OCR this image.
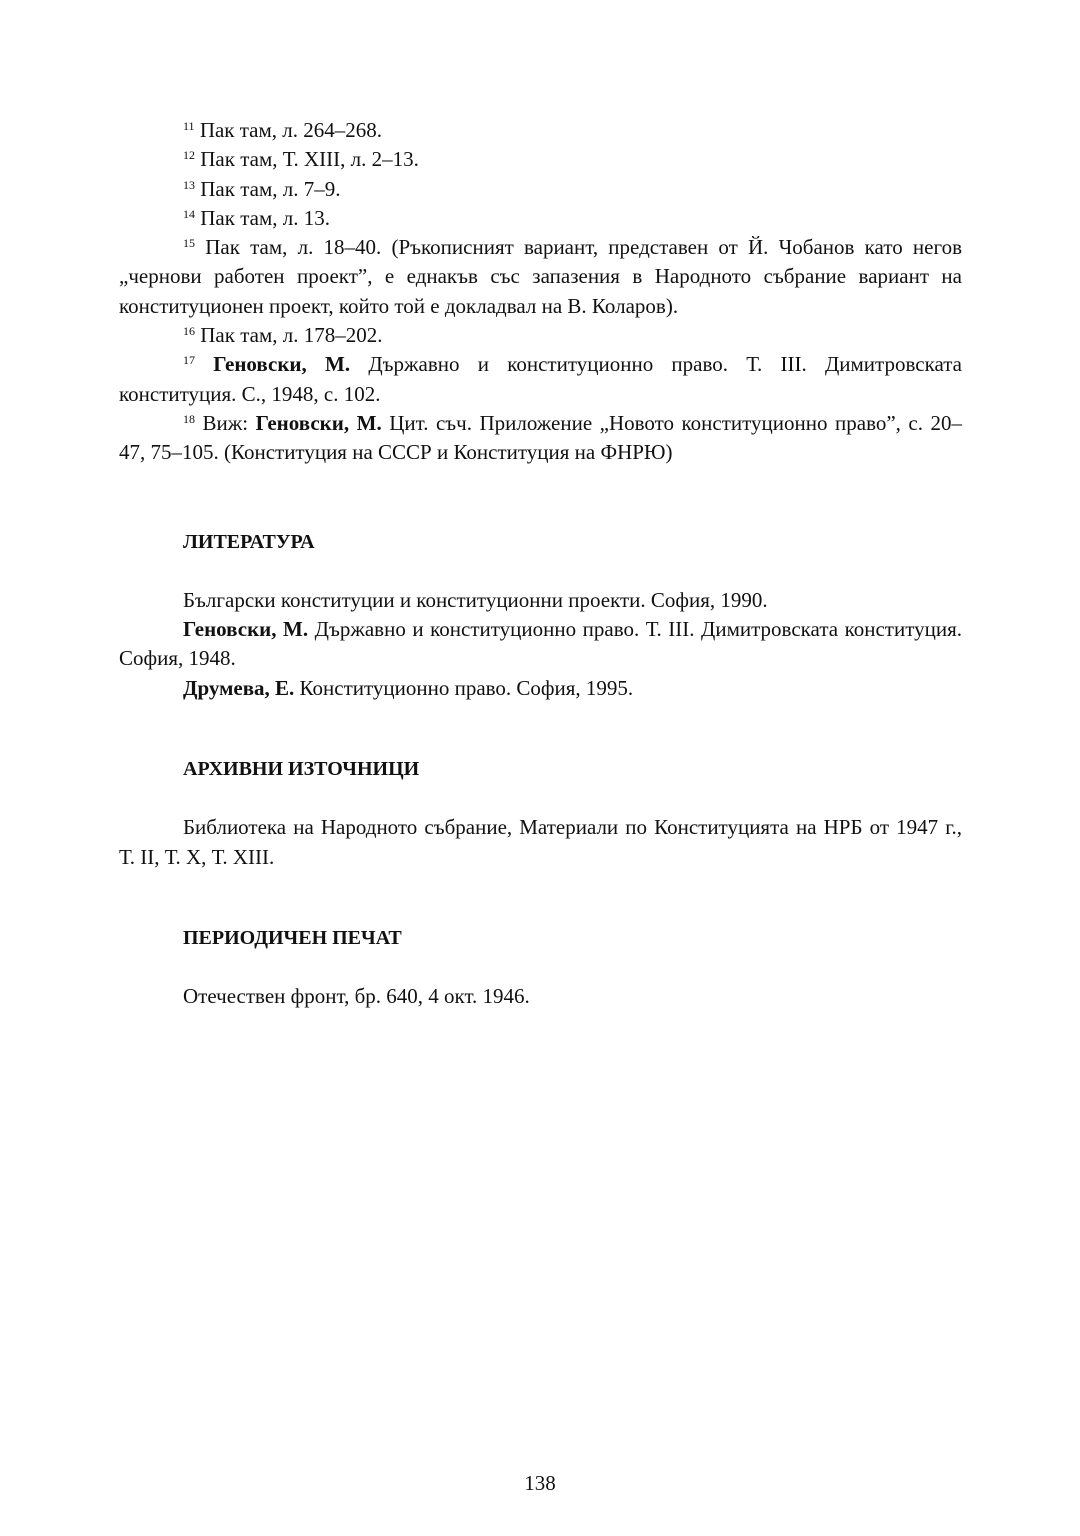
$^{11}$ Пак там, л. 264–268.

$^{12}$ Пак там, Т. XIII, л. 2–13.

$^{13}$ Пак там, л. 7–9.

$^{14}$ Пак там, л. 13.

$^{15}$ Пак там, л. 18–40. (Ръкописният вариант, представен от Й. Чобанов като негов „чернови работен проект”, е еднакъв със запазения в Народното събрание вариант на конституционен проект, който той е докладвал на В. Коларов).

$^{16}$ Пак там, л. 178–202.

$^{17}$ Геновски, М. Държавно и конституционно право. Т. III. Димитровската конституция. С., 1948, с. 102.

$^{18}$ Виж: Геновски, М. Цит. съч. Приложение „Новото конституционно право”, с. 20–47, 75–105. (Конституция на СССР и Конституция на ФНРЮ)

ЛИТЕРАТУРА

Български конституции и конституционни проекти. София, 1990.

Геновски, М. Държавно и конституционно право. Т. III. Димитровската конституция. София, 1948.

Друмева, Е. Конституционно право. София, 1995.

АРХИВНИ ИЗТОЧНИЦИ

Библиотека на Народното събрание, Материали по Конституцията на НРБ от 1947 г., Т. II, Т. X, Т. XIII.

ПЕРИОДИЧЕН ПЕЧАТ

Отечествен фронт, бр. 640, 4 окт. 1946.

138
